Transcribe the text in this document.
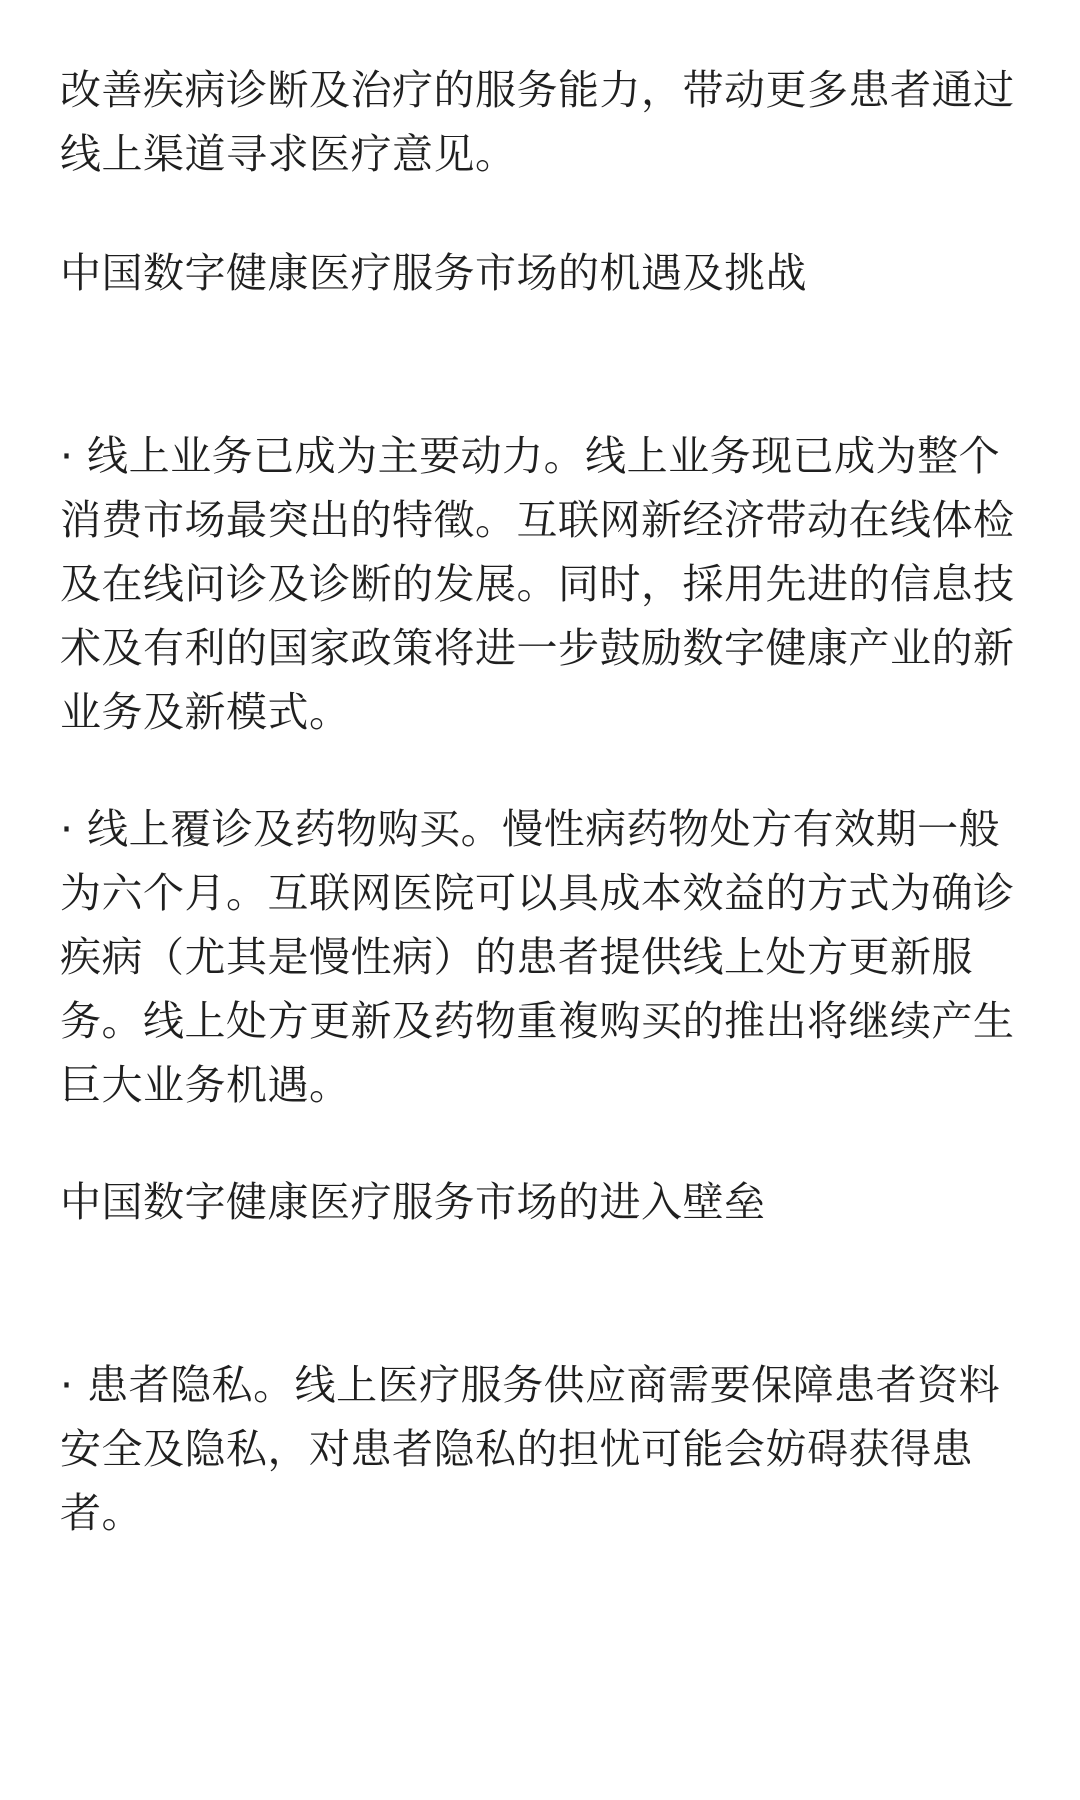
改善疾病诊断及治疗的服务能力，带动更多患者通过
线上渠道寻求医疗意见。

中国数字健康医疗服务市场的机遇及挑战

· 线上业务已成为主要动力。线上业务现已成为整个
消费市场最突出的特徵。互联网新经济带动在线体检
及在线问诊及诊断的发展。同时，採用先进的信息技
术及有利的国家政策将进一步鼓励数字健康产业的新
业务及新模式。

· 线上覆诊及药物购买。慢性病药物处方有效期一般
为六个月。互联网医院可以具成本效益的方式为确诊
疾病（尤其是慢性病）的患者提供线上处方更新服
务。线上处方更新及药物重複购买的推出将继续产生
巨大业务机遇。

中国数字健康医疗服务市场的进入壁垒

· 患者隐私。线上医疗服务供应商需要保障患者资料
安全及隐私，对患者隐私的担忧可能会妨碍获得患
者。
